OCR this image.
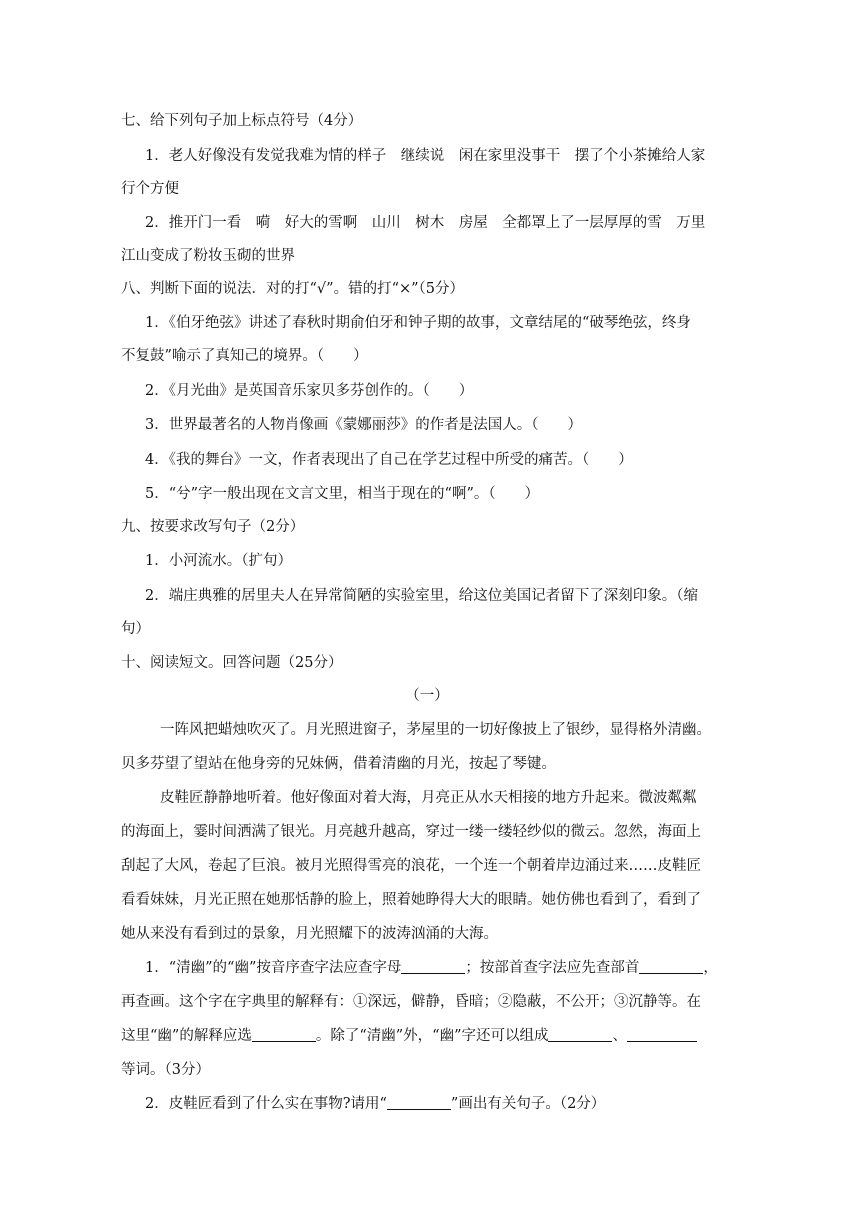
七、给下列句子加上标点符号（4分）
1．老人好像没有发觉我难为情的样子　继续说　闲在家里没事干　摆了个小茶摊给人家
行个方便
2．推开门一看　嗬　好大的雪啊　山川　树木　房屋　全都罩上了一层厚厚的雪　万里
江山变成了粉妆玉砌的世界
八、判断下面的说法．对的打“√”。错的打“×”（5分）
1．《伯牙绝弦》讲述了春秋时期俞伯牙和钟子期的故事，文章结尾的“破琴绝弦，终身
不复鼓”喻示了真知己的境界。（　　）
2．《月光曲》是英国音乐家贝多芬创作的。（　　）
3．世界最著名的人物肖像画《蒙娜丽莎》的作者是法国人。（　　）
4．《我的舞台》一文，作者表现出了自己在学艺过程中所受的痛苦。（　　）
5．“兮”字一般出现在文言文里，相当于现在的“啊”。（　　）
九、按要求改写句子（2分）
1．小河流水。（扩句）
2．端庄典雅的居里夫人在异常简陋的实验室里，给这位美国记者留下了深刻印象。（缩
句）
十、阅读短文。回答问题（25分）
（一）
一阵风把蜡烛吹灭了。月光照进窗子，茅屋里的一切好像披上了银纱，显得格外清幽。
贝多芬望了望站在他身旁的兄妹俩，借着清幽的月光，按起了琴键。
皮鞋匠静静地听着。他好像面对着大海，月亮正从水天相接的地方升起来。微波粼粼
的海面上，霎时间洒满了银光。月亮越升越高，穿过一缕一缕轻纱似的微云。忽然，海面上
刮起了大风，卷起了巨浪。被月光照得雪亮的浪花，一个连一个朝着岸边涌过来……皮鞋匠
看看妹妹，月光正照在她那恬静的脸上，照着她睁得大大的眼睛。她仿佛也看到了，看到了
她从来没有看到过的景象，月光照耀下的波涛汹涌的大海。
1．“清幽”的“幽”按音序查字法应查字母	；按部首查字法应先查部首	，
再查画。这个字在字典里的解释有：①深远，僻静，昏暗；②隐蔽，不公开；③沉静等。在
这里“幽”的解释应选	。除了“清幽”外，“幽”字还可以组成	、
等词。（3分）
2．皮鞋匠看到了什么实在事物?请用“	”画出有关句子。（2分）
